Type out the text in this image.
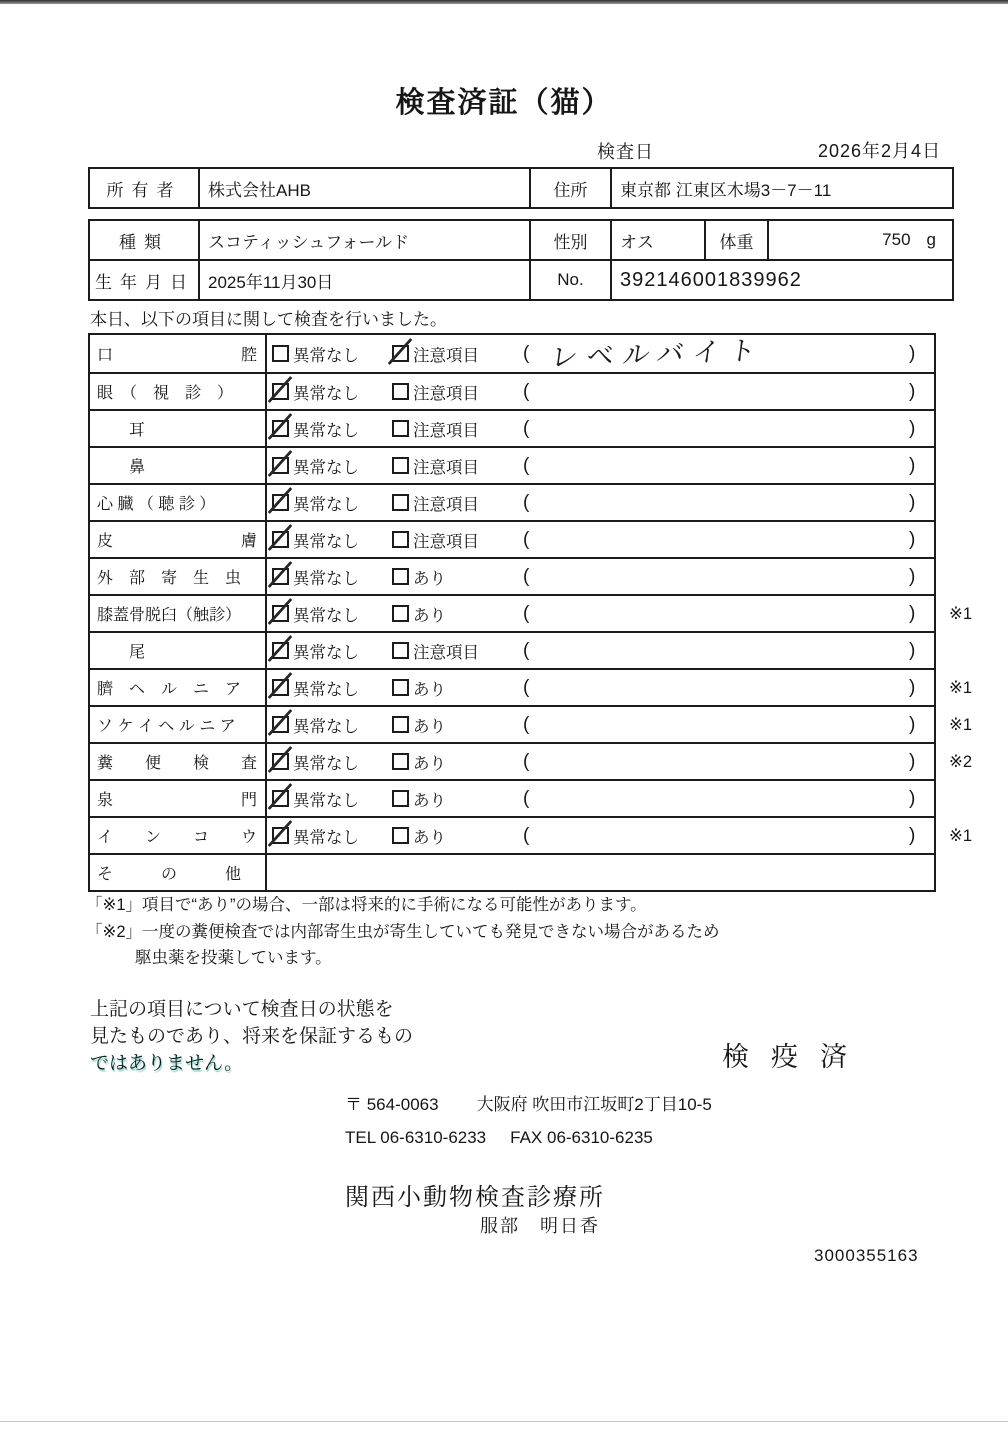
検査済証（猫）
検査日	2026年2月4日
所有者	株式会社AHB	住所	東京都 江東区木場3－7－11
種類	スコティッシュフォールド	性別	オス	体重	750 g
生年月日 2025年11月30日	No.	392146001839962
本日、以下の項目に関して検査を行いました。
口　　　　　　　　腔	異常なし	注意項目 ( レベルバイト	)
眼　（　視　診　）	異常なし	注意項目 (	)
　　耳	異常なし	注意項目 (	)
　　鼻	異常なし	注意項目 (	)
心 臓 （ 聴 診 ）	異常なし	注意項目 (	)
皮　　　　　　　　膚	異常なし	注意項目 (	)
外　部　寄　生　虫	異常なし	あり	(	)
膝蓋骨脱臼（触診）	異常なし	あり	(	) ※1
　　尾	異常なし	注意項目 (	)
臍　ヘ　ル　ニ　ア	異常なし	あり	(	) ※1
ソ ケ イ ヘ ル ニ ア	異常なし	あり	(	) ※1
糞　　便　　検　　査	異常なし	あり	(	) ※2
泉　　　　　　　　門	異常なし	あり	(	)
イ　　ン　　コ　　ウ	異常なし	あり	(	) ※1
そ　　　の　　　他
「※1」項目で“あり”の場合、一部は将来的に手術になる可能性があります。
「※2」一度の糞便検査では内部寄生虫が寄生していても発見できない場合があるため
駆虫薬を投薬しています。
上記の項目について検査日の状態を
見たものであり、将来を保証するもの
ではありません。	検疫済
〒 564-0063 大阪府 吹田市江坂町2丁目10-5
TEL 06-6310-6233 FAX 06-6310-6235
関西小動物検査診療所
服部　明日香
3000355163
